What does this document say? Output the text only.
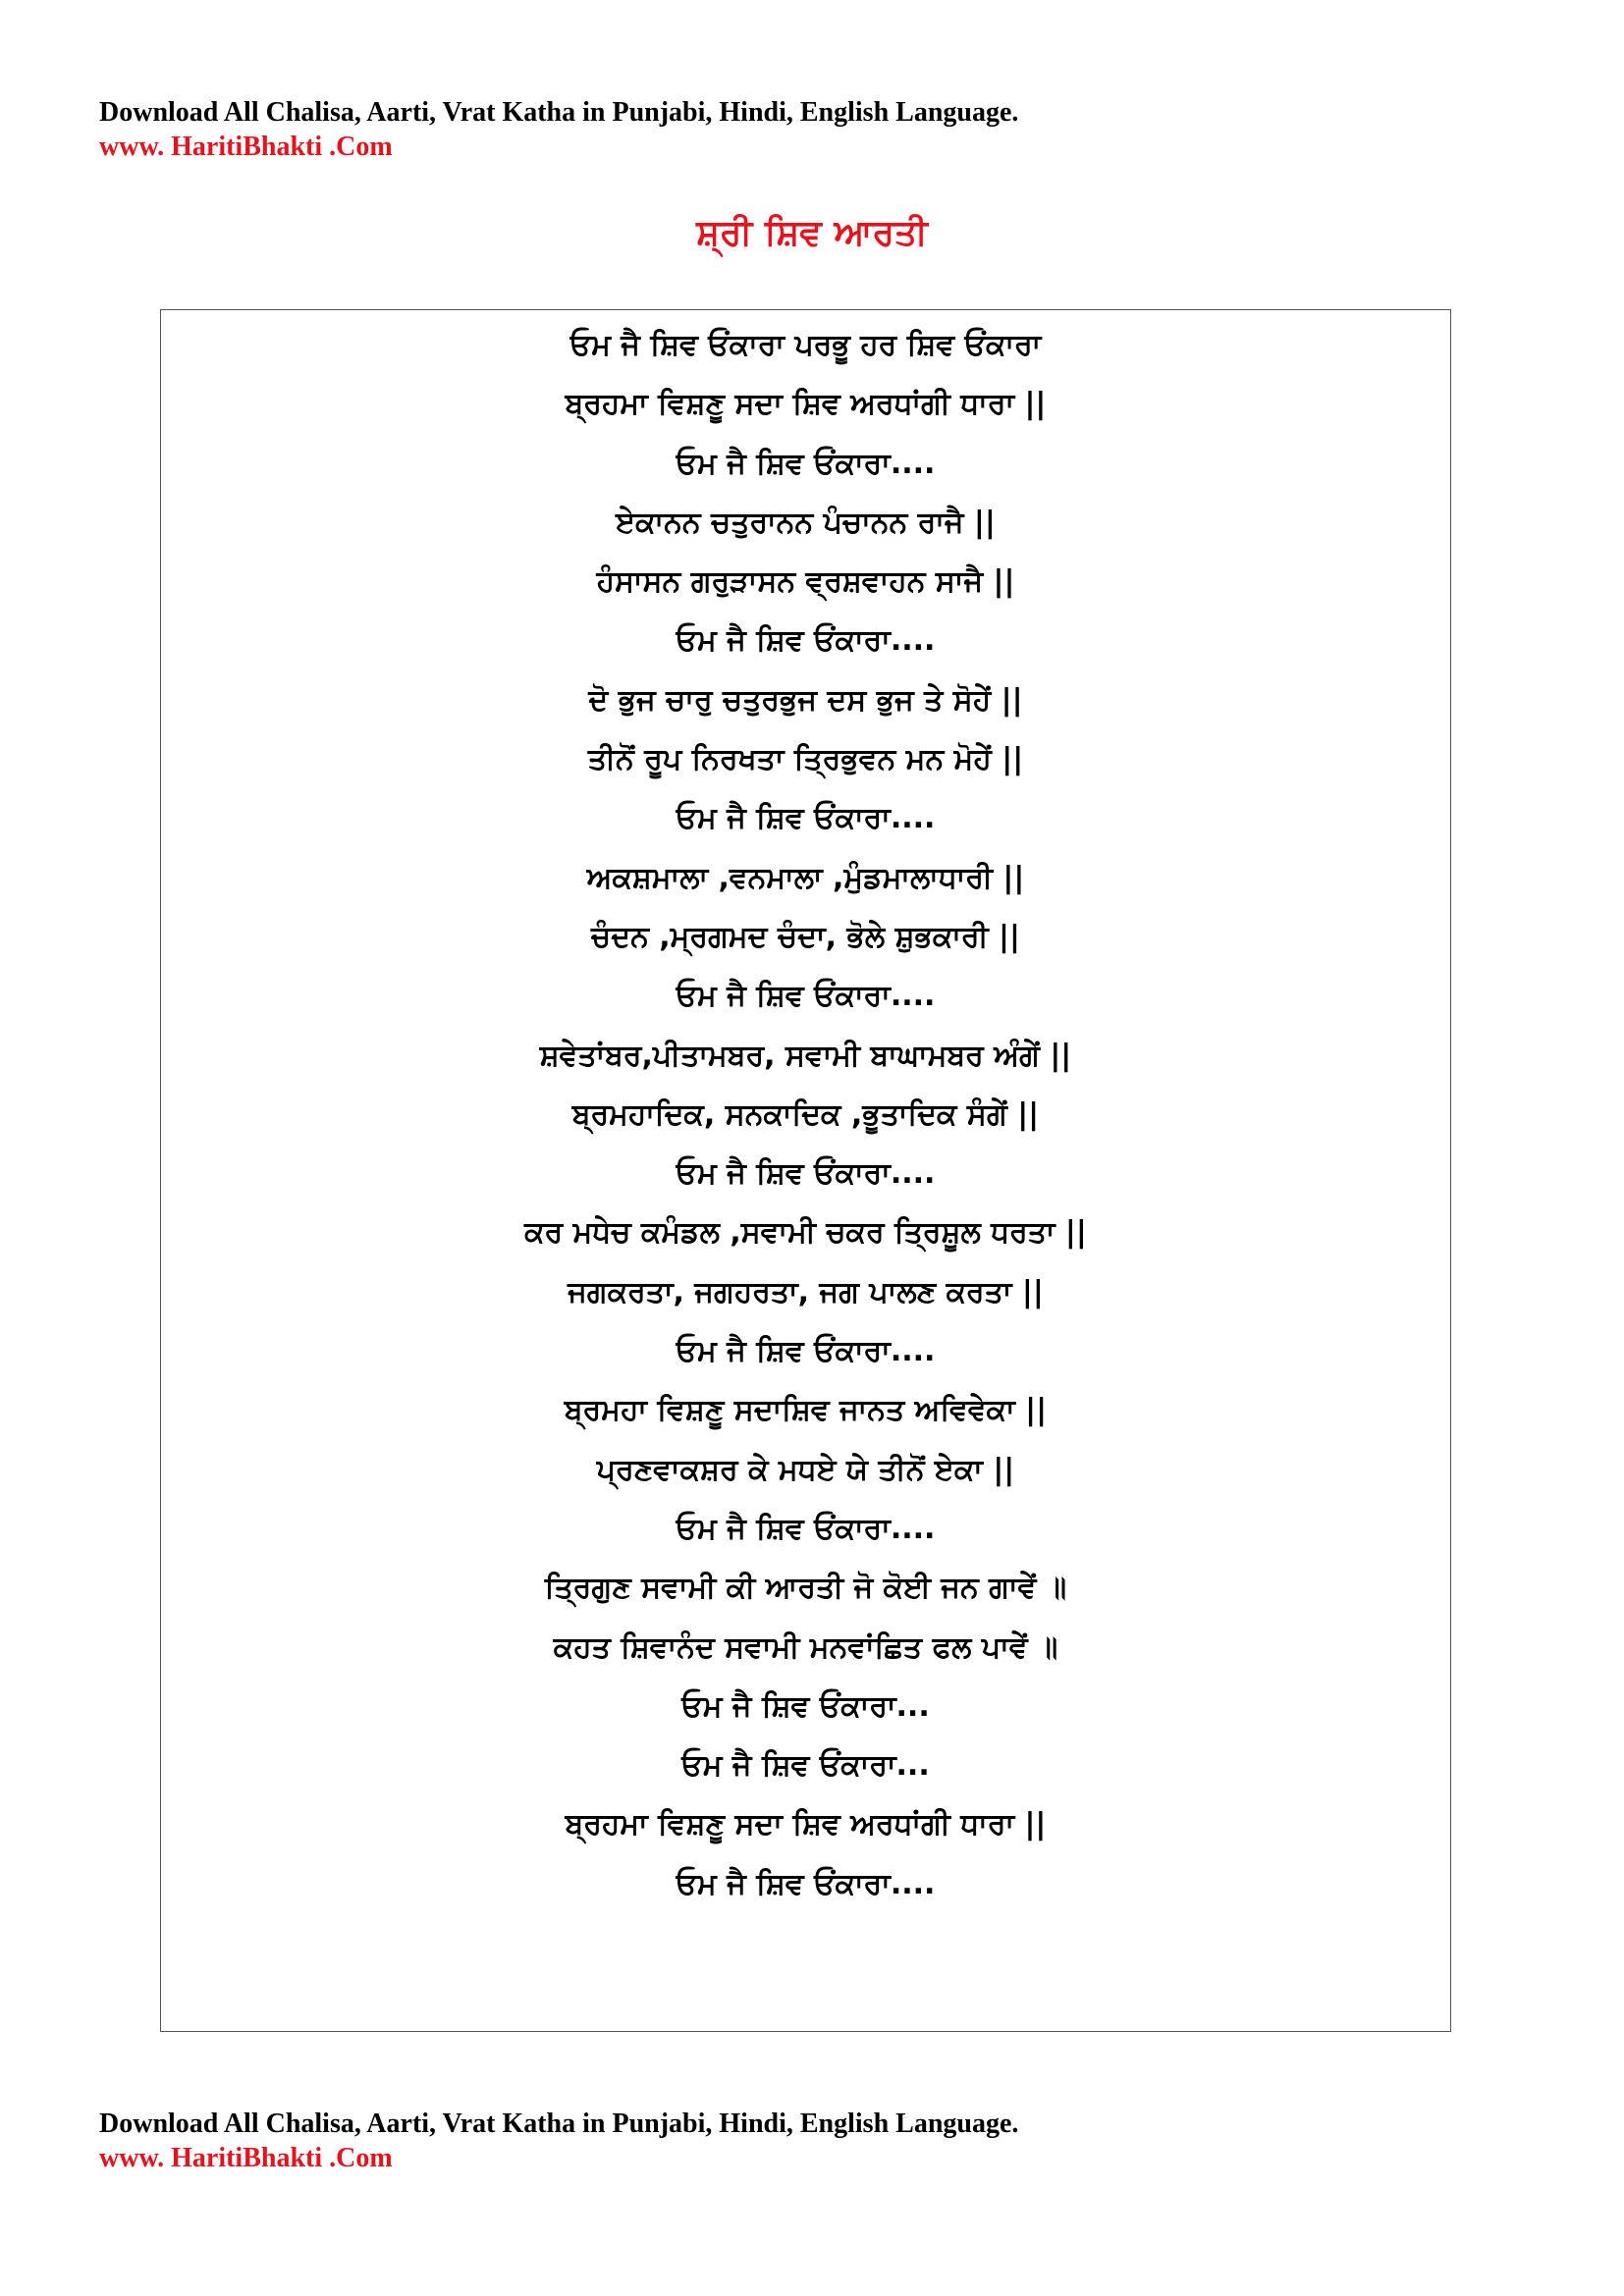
Download All Chalisa, Aarti, Vrat Katha in Punjabi, Hindi, English Language.
www. HaritiBhakti .Com
ਸ਼੍ਰੀ ਸ਼ਿਵ ਆਰਤੀ
ਓਮ ਜੈ ਸ਼ਿਵ ਓਂਕਾਰਾ ਪਰਭੂ ਹਰ ਸ਼ਿਵ ਓਂਕਾਰਾ
ਬ੍ਰਹਮਾ ਵਿਸ਼ਣੂ ਸਦਾ ਸ਼ਿਵ ਅਰਧਾਂਗੀ ਧਾਰਾ ||
ਓਮ ਜੈ ਸ਼ਿਵ ਓਂਕਾਰਾ....
ਏਕਾਨਨ ਚਤੁਰਾਨਨ ਪੰਚਾਨਨ ਰਾਜੈ ||
ਹੰਸਾਸਨ ਗਰੁੜਾਸਨ ਵ੍ਰਸ਼ਵਾਹਨ ਸਾਜੈ ||
ਓਮ ਜੈ ਸ਼ਿਵ ਓਂਕਾਰਾ....
ਦੋ ਭੁਜ ਚਾਰੁ ਚਤੁਰਭੁਜ ਦਸ ਭੁਜ ਤੇ ਸੋਹੇਂ ||
ਤੀਨੋਂ ਰੂਪ ਨਿਰਖਤਾ ਤ੍ਰਿਭੁਵਨ ਮਨ ਮੋਹੇਂ ||
ਓਮ ਜੈ ਸ਼ਿਵ ਓਂਕਾਰਾ....
ਅਕਸ਼ਮਾਲਾ ,ਵਨਮਾਲਾ ,ਮੁੰਡਮਾਲਾਧਾਰੀ ||
ਚੰਦਨ ,ਮ੍ਰਗਮਦ ਚੰਦਾ, ਭੋਲੇ ਸ਼ੁਭਕਾਰੀ ||
ਓਮ ਜੈ ਸ਼ਿਵ ਓਂਕਾਰਾ....
ਸ਼ਵੇਤਾਂਬਰ,ਪੀਤਾਮਬਰ, ਸਵਾਮੀ ਬਾਘਾਮਬਰ ਅੰਗੇਂ ||
ਬ੍ਰਮਹਾਦਿਕ, ਸਨਕਾਦਿਕ ,ਭੂਤਾਦਿਕ ਸੰਗੇਂ ||
ਓਮ ਜੈ ਸ਼ਿਵ ਓਂਕਾਰਾ....
ਕਰ ਮਧੇਚ ਕਮੰਡਲ ,ਸਵਾਮੀ ਚਕਰ ਤ੍ਰਿਸ਼ੂਲ ਧਰਤਾ ||
ਜਗਕਰਤਾ, ਜਗਹਰਤਾ, ਜਗ ਪਾਲਣ ਕਰਤਾ ||
ਓਮ ਜੈ ਸ਼ਿਵ ਓਂਕਾਰਾ....
ਬ੍ਰਮਹਾ ਵਿਸ਼ਣੂ ਸਦਾਸ਼ਿਵ ਜਾਨਤ ਅਵਿਵੇਕਾ ||
ਪ੍ਰਣਵਾਕਸ਼ਰ ਕੇ ਮਧਏ ਯੇ ਤੀਨੋਂ ਏਕਾ ||
ਓਮ ਜੈ ਸ਼ਿਵ ਓਂਕਾਰਾ....
ਤ੍ਰਿਗੁਣ ਸਵਾਮੀ ਕੀ ਆਰਤੀ ਜੋ ਕੋਈ ਜਨ ਗਾਵੇਂ ॥
ਕਹਤ ਸ਼ਿਵਾਨੰਦ ਸਵਾਮੀ ਮਨਵਾਂਛਿਤ ਫਲ ਪਾਵੇਂ ॥
ਓਮ ਜੈ ਸ਼ਿਵ ਓਂਕਾਰਾ...
ਓਮ ਜੈ ਸ਼ਿਵ ਓਂਕਾਰਾ...
ਬ੍ਰਹਮਾ ਵਿਸ਼ਣੂ ਸਦਾ ਸ਼ਿਵ ਅਰਧਾਂਗੀ ਧਾਰਾ ||
ਓਮ ਜੈ ਸ਼ਿਵ ਓਂਕਾਰਾ....
Download All Chalisa, Aarti, Vrat Katha in Punjabi, Hindi, English Language.
www. HaritiBhakti .Com
